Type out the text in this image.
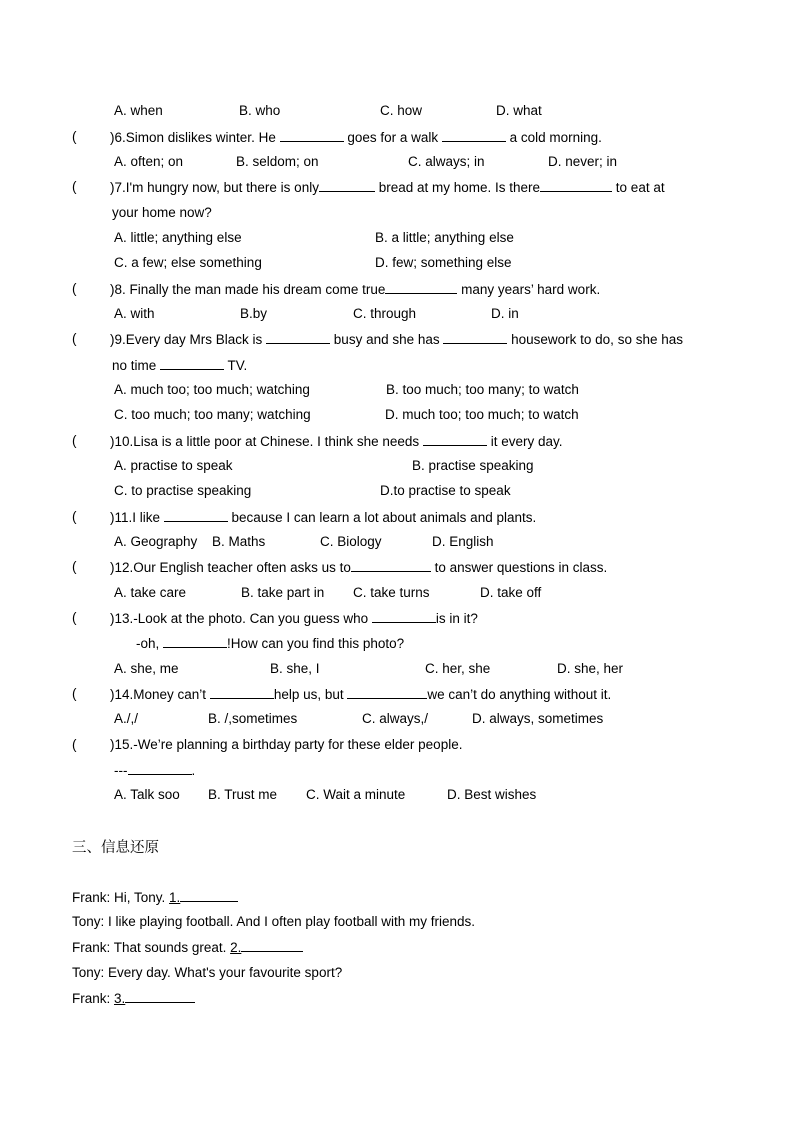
A. when	B. who	C. how	D. what
( )6.Simon dislikes winter. He	goes for a walk	a cold morning.
A. often; on	B. seldom; on	C. always; in	D. never; in
( )7.I'm hungry now, but there is only	bread at my home. Is there	to eat at
your home now?
A. little; anything else	B. a little; anything else
C. a few; else something	D. few; something else
( )8. Finally the man made his dream come true	many years’ hard work.
A. with	B.by	C. through	D. in
( )9.Every day Mrs Black is	busy and she has	housework to do, so she has
no time	TV.
A. much too; too much; watching	B. too much; too many; to watch
C. too much; too many; watching	D. much too; too much; to watch
( )10.Lisa is a little poor at Chinese. I think she needs	it every day.
A. practise to speak	B. practise speaking
C. to practise speaking	D.to practise to speak
( )11.I like	because I can learn a lot about animals and plants.
A. Geography B. Maths	C. Biology	D. English
( )12.Our English teacher often asks us to	to answer questions in class.
A. take care	B. take part in C. take turns	D. take off
( )13.-Look at the photo. Can you guess who	is in it?
-oh,	!How can you find this photo?
A. she, me	B. she, I	C. her, she	D. she, her
( )14.Money can’t	help us, but	we can’t do anything without it.
A./,/	B. /,sometimes	C. always,/	D. always, sometimes
( )15.-We’re planning a birthday party for these elder people.
---	.
A. Talk soo B. Trust me C. Wait a minute	D. Best wishes
三、信息还原
Frank: Hi, Tony. 1.
Tony: I like playing football. And I often play football with my friends.
Frank: That sounds great. 2.
Tony: Every day. What's your favourite sport?
Frank: 3.
